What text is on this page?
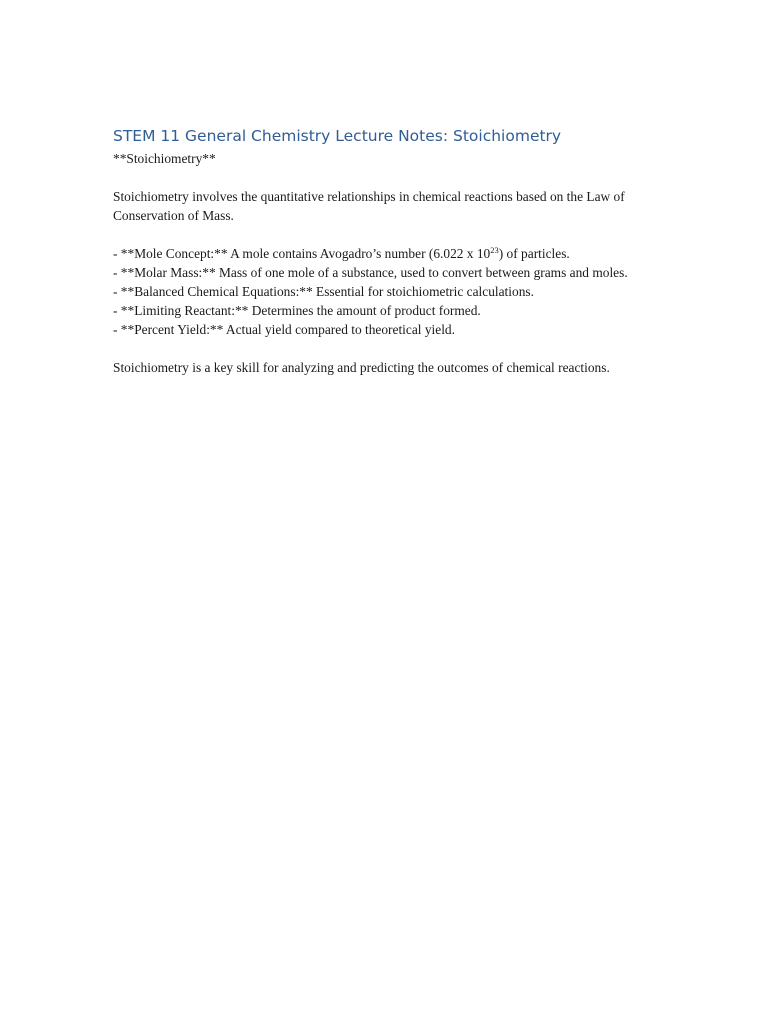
STEM 11 General Chemistry Lecture Notes: Stoichiometry

**Stoichiometry**

Stoichiometry involves the quantitative relationships in chemical reactions based on the Law of Conservation of Mass.

- **Mole Concept:** A mole contains Avogadro’s number (6.022 x $10^{23}$) of particles.
- **Molar Mass:** Mass of one mole of a substance, used to convert between grams and moles.
- **Balanced Chemical Equations:** Essential for stoichiometric calculations.
- **Limiting Reactant:** Determines the amount of product formed.
- **Percent Yield:** Actual yield compared to theoretical yield.

Stoichiometry is a key skill for analyzing and predicting the outcomes of chemical reactions.
